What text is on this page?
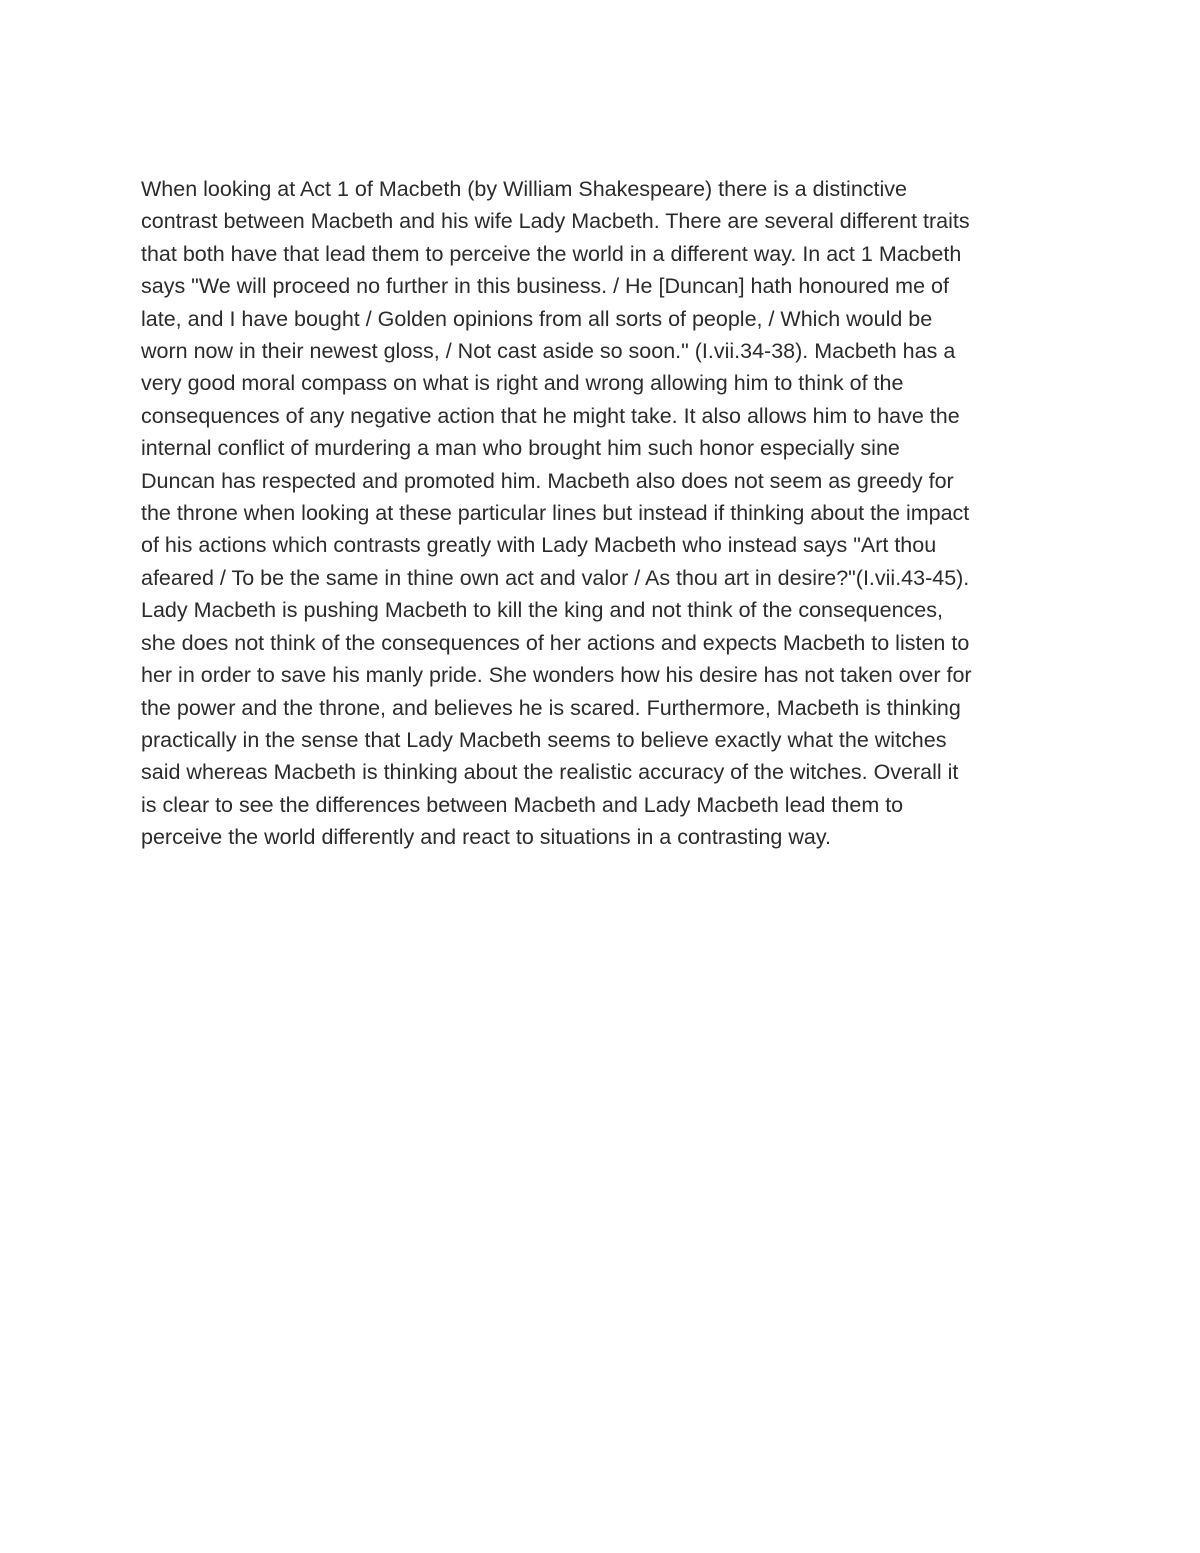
When looking at Act 1 of Macbeth (by William Shakespeare) there is a distinctive
contrast between Macbeth and his wife Lady Macbeth. There are several different traits
that both have that lead them to perceive the world in a different way. In act 1 Macbeth
says "We will proceed no further in this business. / He [Duncan] hath honoured me of
late, and I have bought / Golden opinions from all sorts of people, / Which would be
worn now in their newest gloss, / Not cast aside so soon." (I.vii.34-38). Macbeth has a
very good moral compass on what is right and wrong allowing him to think of the
consequences of any negative action that he might take. It also allows him to have the
internal conflict of murdering a man who brought him such honor especially sine
Duncan has respected and promoted him. Macbeth also does not seem as greedy for
the throne when looking at these particular lines but instead if thinking about the impact
of his actions which contrasts greatly with Lady Macbeth who instead says "Art thou
afeared / To be the same in thine own act and valor / As thou art in desire?"(I.vii.43-45).
Lady Macbeth is pushing Macbeth to kill the king and not think of the consequences,
she does not think of the consequences of her actions and expects Macbeth to listen to
her in order to save his manly pride. She wonders how his desire has not taken over for
the power and the throne, and believes he is scared. Furthermore, Macbeth is thinking
practically in the sense that Lady Macbeth seems to believe exactly what the witches
said whereas Macbeth is thinking about the realistic accuracy of the witches. Overall it
is clear to see the differences between Macbeth and Lady Macbeth lead them to
perceive the world differently and react to situations in a contrasting way.
